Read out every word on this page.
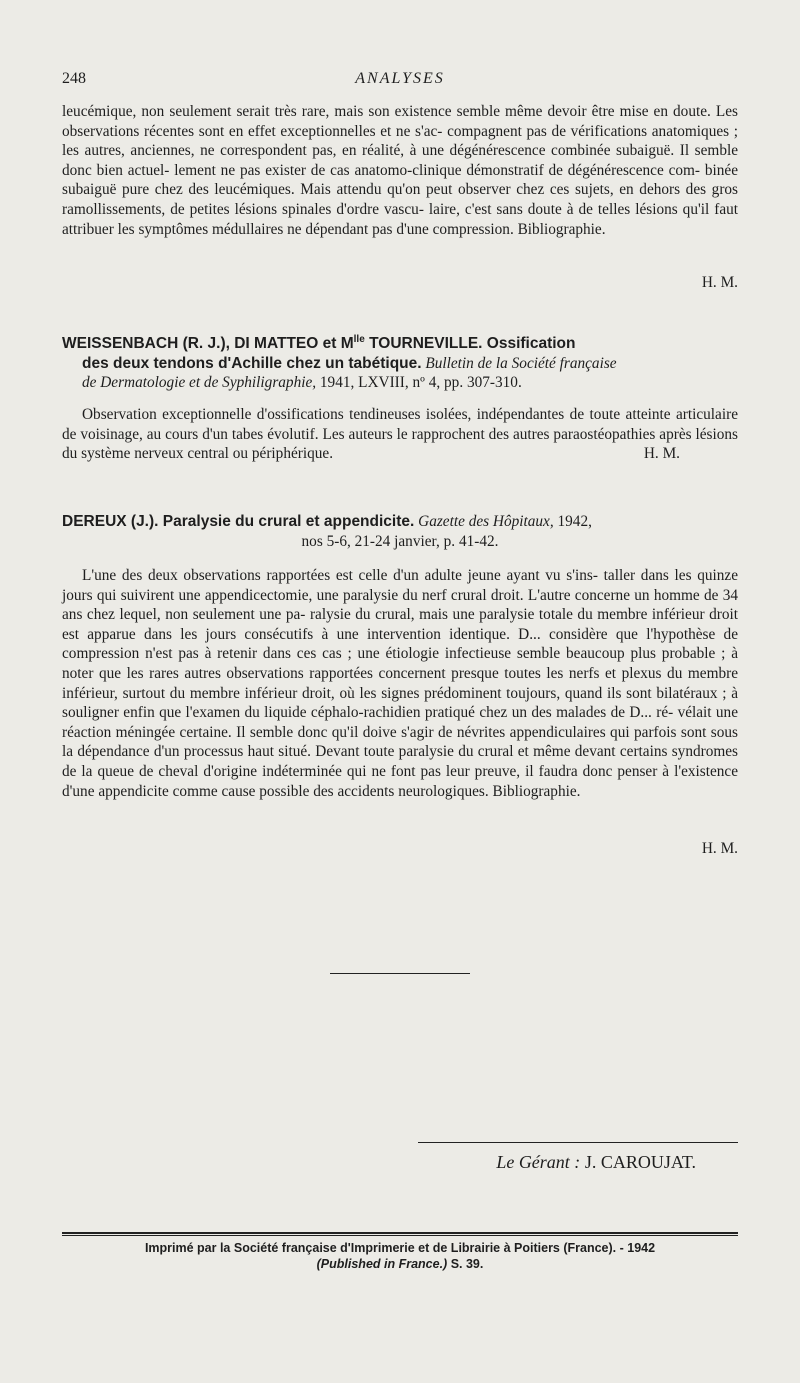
248	ANALYSES
leucémique, non seulement serait très rare, mais son existence semble même devoir être mise en doute. Les observations récentes sont en effet exceptionnelles et ne s'ac- compagnent pas de vérifications anatomiques ; les autres, anciennes, ne correspondent pas, en réalité, à une dégénérescence combinée subaiguë. Il semble donc bien actuel- lement ne pas exister de cas anatomo-clinique démonstratif de dégénérescence com- binée subaiguë pure chez des leucémiques. Mais attendu qu'on peut observer chez ces sujets, en dehors des gros ramollissements, de petites lésions spinales d'ordre vascu- laire, c'est sans doute à de telles lésions qu'il faut attribuer les symptômes médullaires ne dépendant pas d'une compression. Bibliographie.
H. M.
WEISSENBACH (R. J.), DI MATTEO et M$^{lle}$ TOURNEVILLE. Ossification
des deux tendons d'Achille chez un tabétique. Bulletin de la Société française
de Dermatologie et de Syphiligraphie, 1941, LXVIII, nº 4, pp. 307-310.
Observation exceptionnelle d'ossifications tendineuses isolées, indépendantes de toute atteinte articulaire de voisinage, au cours d'un tabes évolutif. Les auteurs le rapprochent des autres paraostéopathies après lésions du système nerveux central ou périphérique.	H. M.
DEREUX (J.). Paralysie du crural et appendicite. Gazette des Hôpitaux, 1942,
nos 5-6, 21-24 janvier, p. 41-42.
L'une des deux observations rapportées est celle d'un adulte jeune ayant vu s'ins- taller dans les quinze jours qui suivirent une appendicectomie, une paralysie du nerf crural droit. L'autre concerne un homme de 34 ans chez lequel, non seulement une pa- ralysie du crural, mais une paralysie totale du membre inférieur droit est apparue dans les jours consécutifs à une intervention identique. D... considère que l'hypothèse de compression n'est pas à retenir dans ces cas ; une étiologie infectieuse semble beaucoup plus probable ; à noter que les rares autres observations rapportées concernent presque toutes les nerfs et plexus du membre inférieur, surtout du membre inférieur droit, où les signes prédominent toujours, quand ils sont bilatéraux ; à souligner enfin que l'examen du liquide céphalo-rachidien pratiqué chez un des malades de D... ré- vélait une réaction méningée certaine. Il semble donc qu'il doive s'agir de névrites appendiculaires qui parfois sont sous la dépendance d'un processus haut situé. Devant toute paralysie du crural et même devant certains syndromes de la queue de cheval d'origine indéterminée qui ne font pas leur preuve, il faudra donc penser à l'existence d'une appendicite comme cause possible des accidents neurologiques. Bibliographie.
H. M.
Le Gérant : J. CAROUJAT.
Imprimé par la Société française d'Imprimerie et de Librairie à Poitiers (France). - 1942
(Published in France.) S. 39.
